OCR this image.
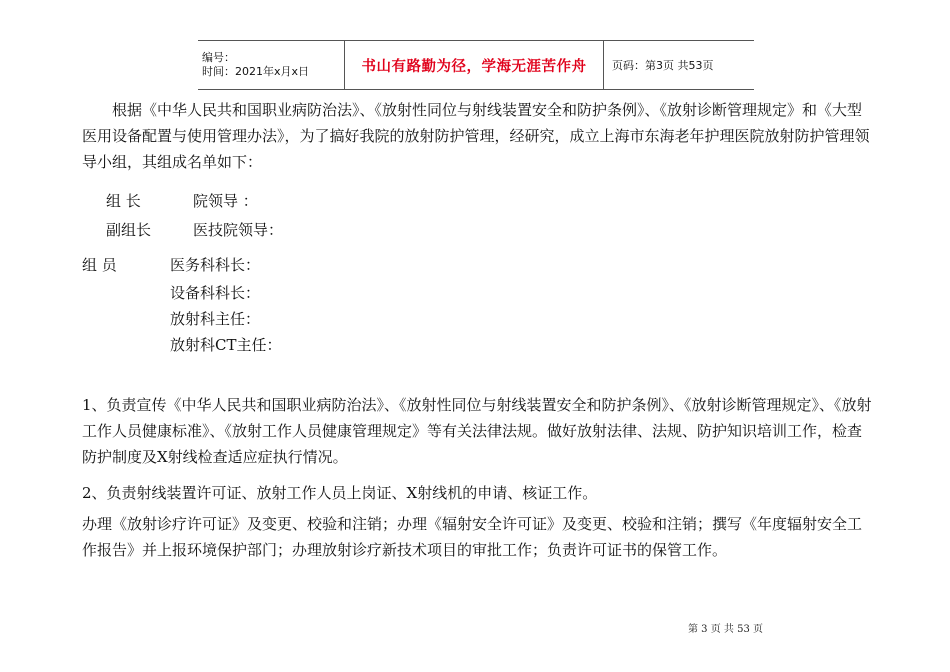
编号：
时间：2021年x月x日	书山有路勤为径，学海无涯苦作舟	页码：第3页 共53页

根据《中华人民共和国职业病防治法》、《放射性同位与射线装置安全和防护条例》、《放射诊断管理规定》和《大型医用设备配置与使用管理办法》，为了搞好我院的放射防护管理，经研究，成立上海市东海老年护理医院放射防护管理领导小组，其组成名单如下：

组 长	院领导 ：
副组长	医技院领导：
组 员	医务科科长：
设备科科长：
放射科主任：
放射科CT主任：

1、负责宣传《中华人民共和国职业病防治法》、《放射性同位与射线装置安全和防护条例》、《放射诊断管理规定》、《放射工作人员健康标准》、《放射工作人员健康管理规定》等有关法律法规。做好放射法律、法规、防护知识培训工作，检查防护制度及X射线检查适应症执行情况。

2、负责射线装置许可证、放射工作人员上岗证、X射线机的申请、核证工作。

办理《放射诊疗许可证》及变更、校验和注销；办理《辐射安全许可证》及变更、校验和注销；撰写《年度辐射安全工作报告》并上报环境保护部门；办理放射诊疗新技术项目的审批工作；负责许可证书的保管工作。

第 3 页 共 53 页
